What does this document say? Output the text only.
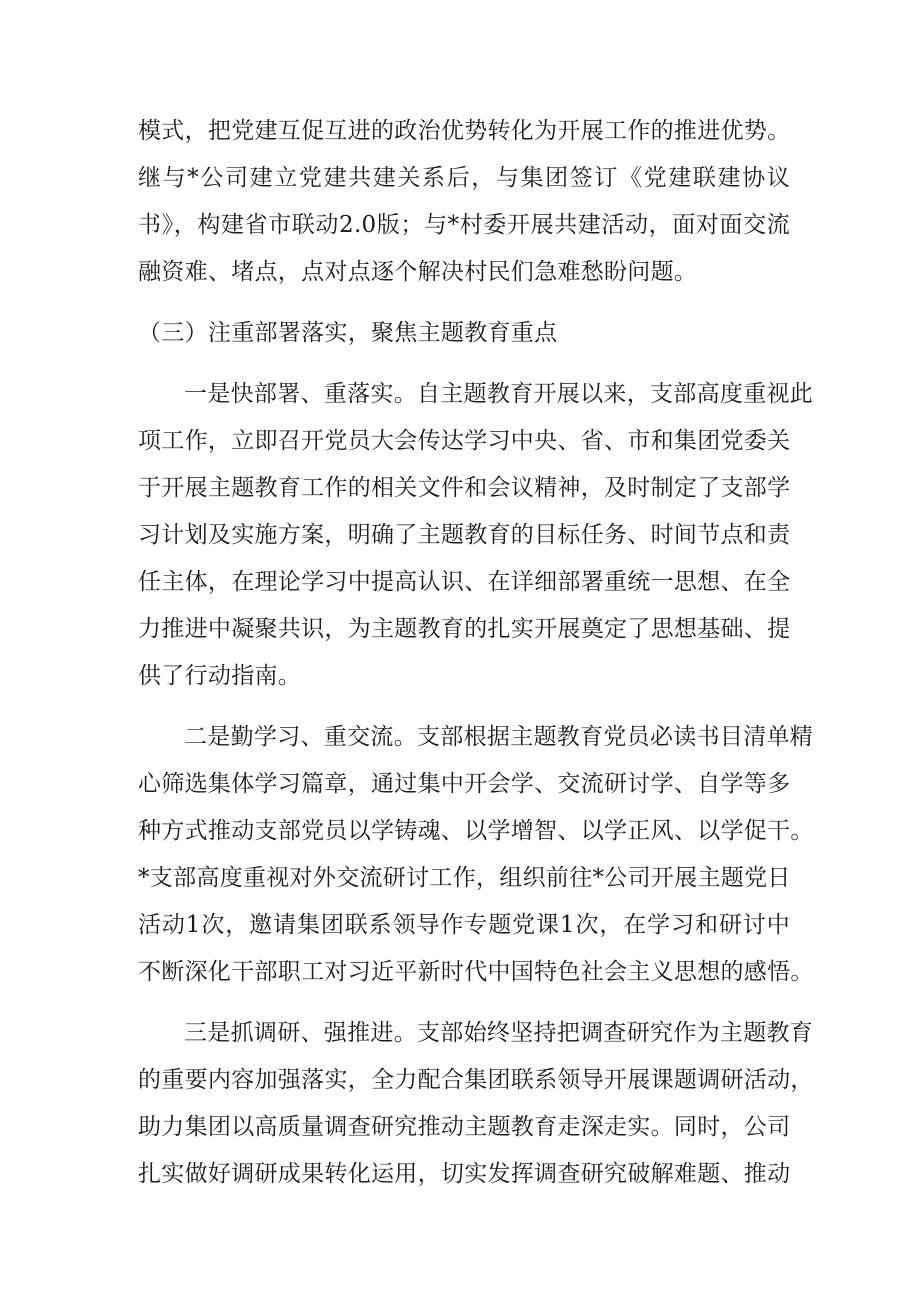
模式，把党建互促互进的政治优势转化为开展工作的推进优势。
继与*公司建立党建共建关系后，与集团签订《党建联建协议
书》，构建省市联动2.0版；与*村委开展共建活动，面对面交流
融资难、堵点，点对点逐个解决村民们急难愁盼问题。

（三）注重部署落实，聚焦主题教育重点

一是快部署、重落实。自主题教育开展以来，支部高度重视此
项工作，立即召开党员大会传达学习中央、省、市和集团党委关
于开展主题教育工作的相关文件和会议精神，及时制定了支部学
习计划及实施方案，明确了主题教育的目标任务、时间节点和责
任主体，在理论学习中提高认识、在详细部署重统一思想、在全
力推进中凝聚共识，为主题教育的扎实开展奠定了思想基础、提
供了行动指南。

二是勤学习、重交流。支部根据主题教育党员必读书目清单精
心筛选集体学习篇章，通过集中开会学、交流研讨学、自学等多
种方式推动支部党员以学铸魂、以学增智、以学正风、以学促干。
*支部高度重视对外交流研讨工作，组织前往*公司开展主题党日
活动1次，邀请集团联系领导作专题党课1次，在学习和研讨中
不断深化干部职工对习近平新时代中国特色社会主义思想的感悟。

三是抓调研、强推进。支部始终坚持把调查研究作为主题教育
的重要内容加强落实，全力配合集团联系领导开展课题调研活动，
助力集团以高质量调查研究推动主题教育走深走实。同时，公司
扎实做好调研成果转化运用，切实发挥调查研究破解难题、推动
